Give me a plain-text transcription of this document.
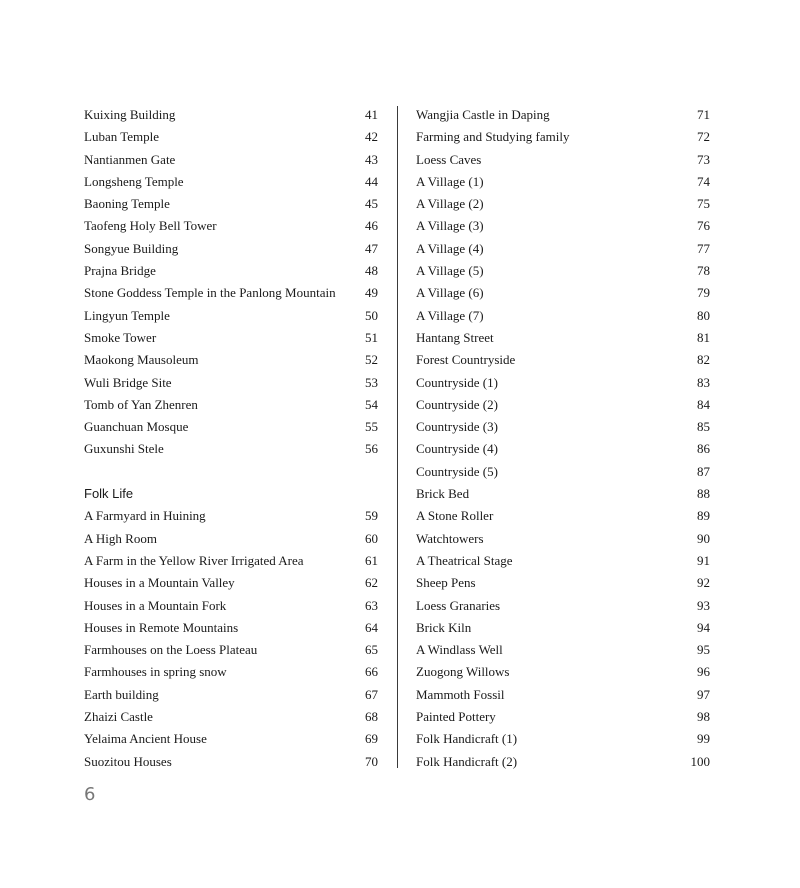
Kuixing Building	41
Luban Temple	42
Nantianmen Gate	43
Longsheng Temple	44
Baoning Temple	45
Taofeng Holy Bell Tower	46
Songyue Building	47
Prajna Bridge	48
Stone Goddess Temple in the Panlong Mountain	49
Lingyun Temple	50
Smoke Tower	51
Maokong Mausoleum	52
Wuli Bridge Site	53
Tomb of Yan Zhenren	54
Guanchuan Mosque	55
Guxunshi Stele	56
Folk Life
A Farmyard in Huining	59
A High Room	60
A Farm in the Yellow River Irrigated Area	61
Houses in a Mountain Valley	62
Houses in a Mountain Fork	63
Houses in Remote Mountains	64
Farmhouses on the Loess Plateau	65
Farmhouses in spring snow	66
Earth building	67
Zhaizi Castle	68
Yelaima Ancient House	69
Suozitou Houses	70
Wangjia Castle in Daping	71
Farming and Studying family	72
Loess Caves	73
A Village (1)	74
A Village (2)	75
A Village (3)	76
A Village (4)	77
A Village (5)	78
A Village (6)	79
A Village (7)	80
Hantang Street	81
Forest Countryside	82
Countryside (1)	83
Countryside (2)	84
Countryside (3)	85
Countryside (4)	86
Countryside (5)	87
Brick Bed	88
A Stone Roller	89
Watchtowers	90
A Theatrical Stage	91
Sheep Pens	92
Loess Granaries	93
Brick Kiln	94
A Windlass Well	95
Zuogong Willows	96
Mammoth Fossil	97
Painted Pottery	98
Folk Handicraft (1)	99
Folk Handicraft (2)	100
6
